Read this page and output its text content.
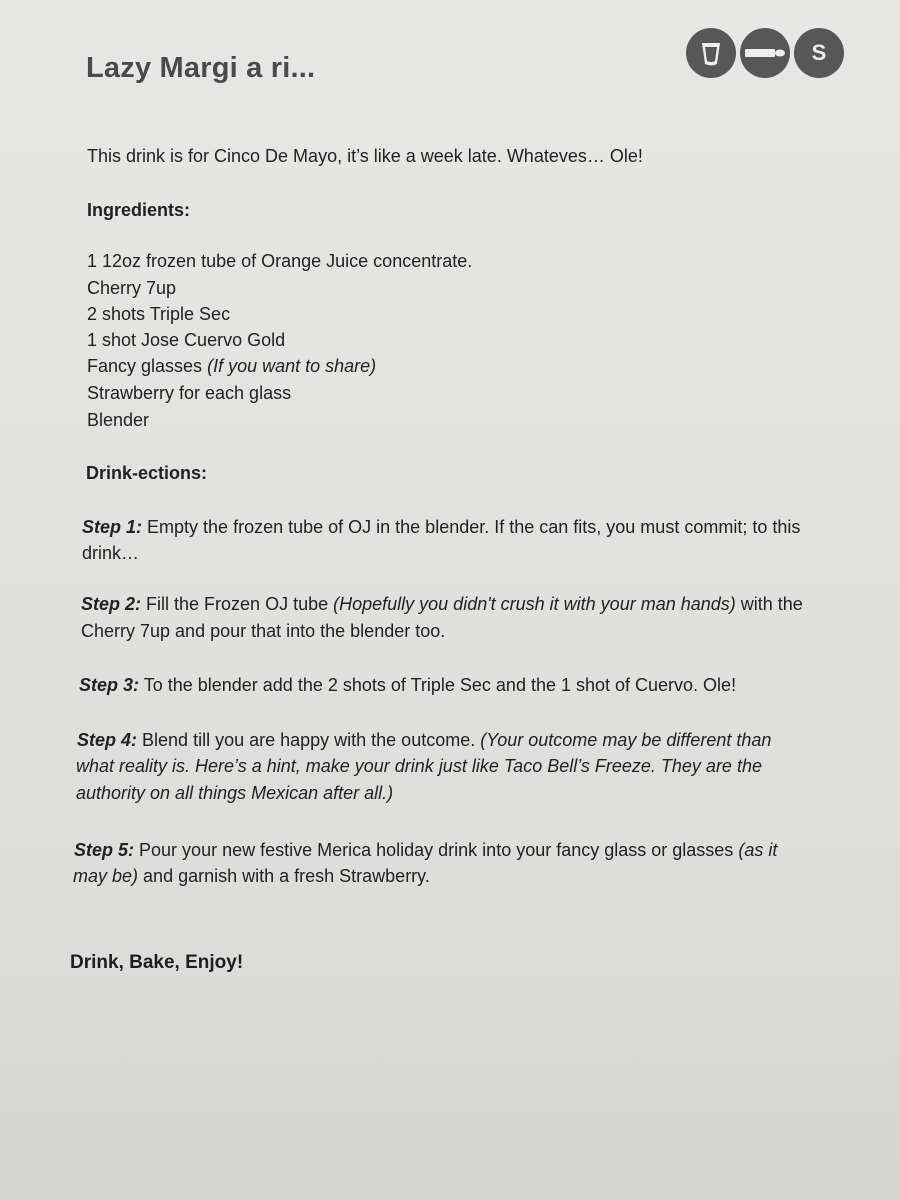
Lazy Margi a ri...	S
This drink is for Cinco De Mayo, it’s like a week late. Whateves… Ole!
Ingredients:
1 12oz frozen tube of Orange Juice concentrate.
Cherry 7up
2 shots Triple Sec
1 shot Jose Cuervo Gold
Fancy glasses (If you want to share)
Strawberry for each glass
Blender
Drink-ections:
Step 1: Empty the frozen tube of OJ in the blender. If the can fits, you must commit; to this
drink…
Step 2: Fill the Frozen OJ tube (Hopefully you didn't crush it with your man hands) with the
Cherry 7up and pour that into the blender too.
Step 3: To the blender add the 2 shots of Triple Sec and the 1 shot of Cuervo. Ole!
Step 4: Blend till you are happy with the outcome. (Your outcome may be different than
what reality is. Here’s a hint, make your drink just like Taco Bell’s Freeze. They are the
authority on all things Mexican after all.)
Step 5: Pour your new festive Merica holiday drink into your fancy glass or glasses (as it
may be) and garnish with a fresh Strawberry.
Drink, Bake, Enjoy!
